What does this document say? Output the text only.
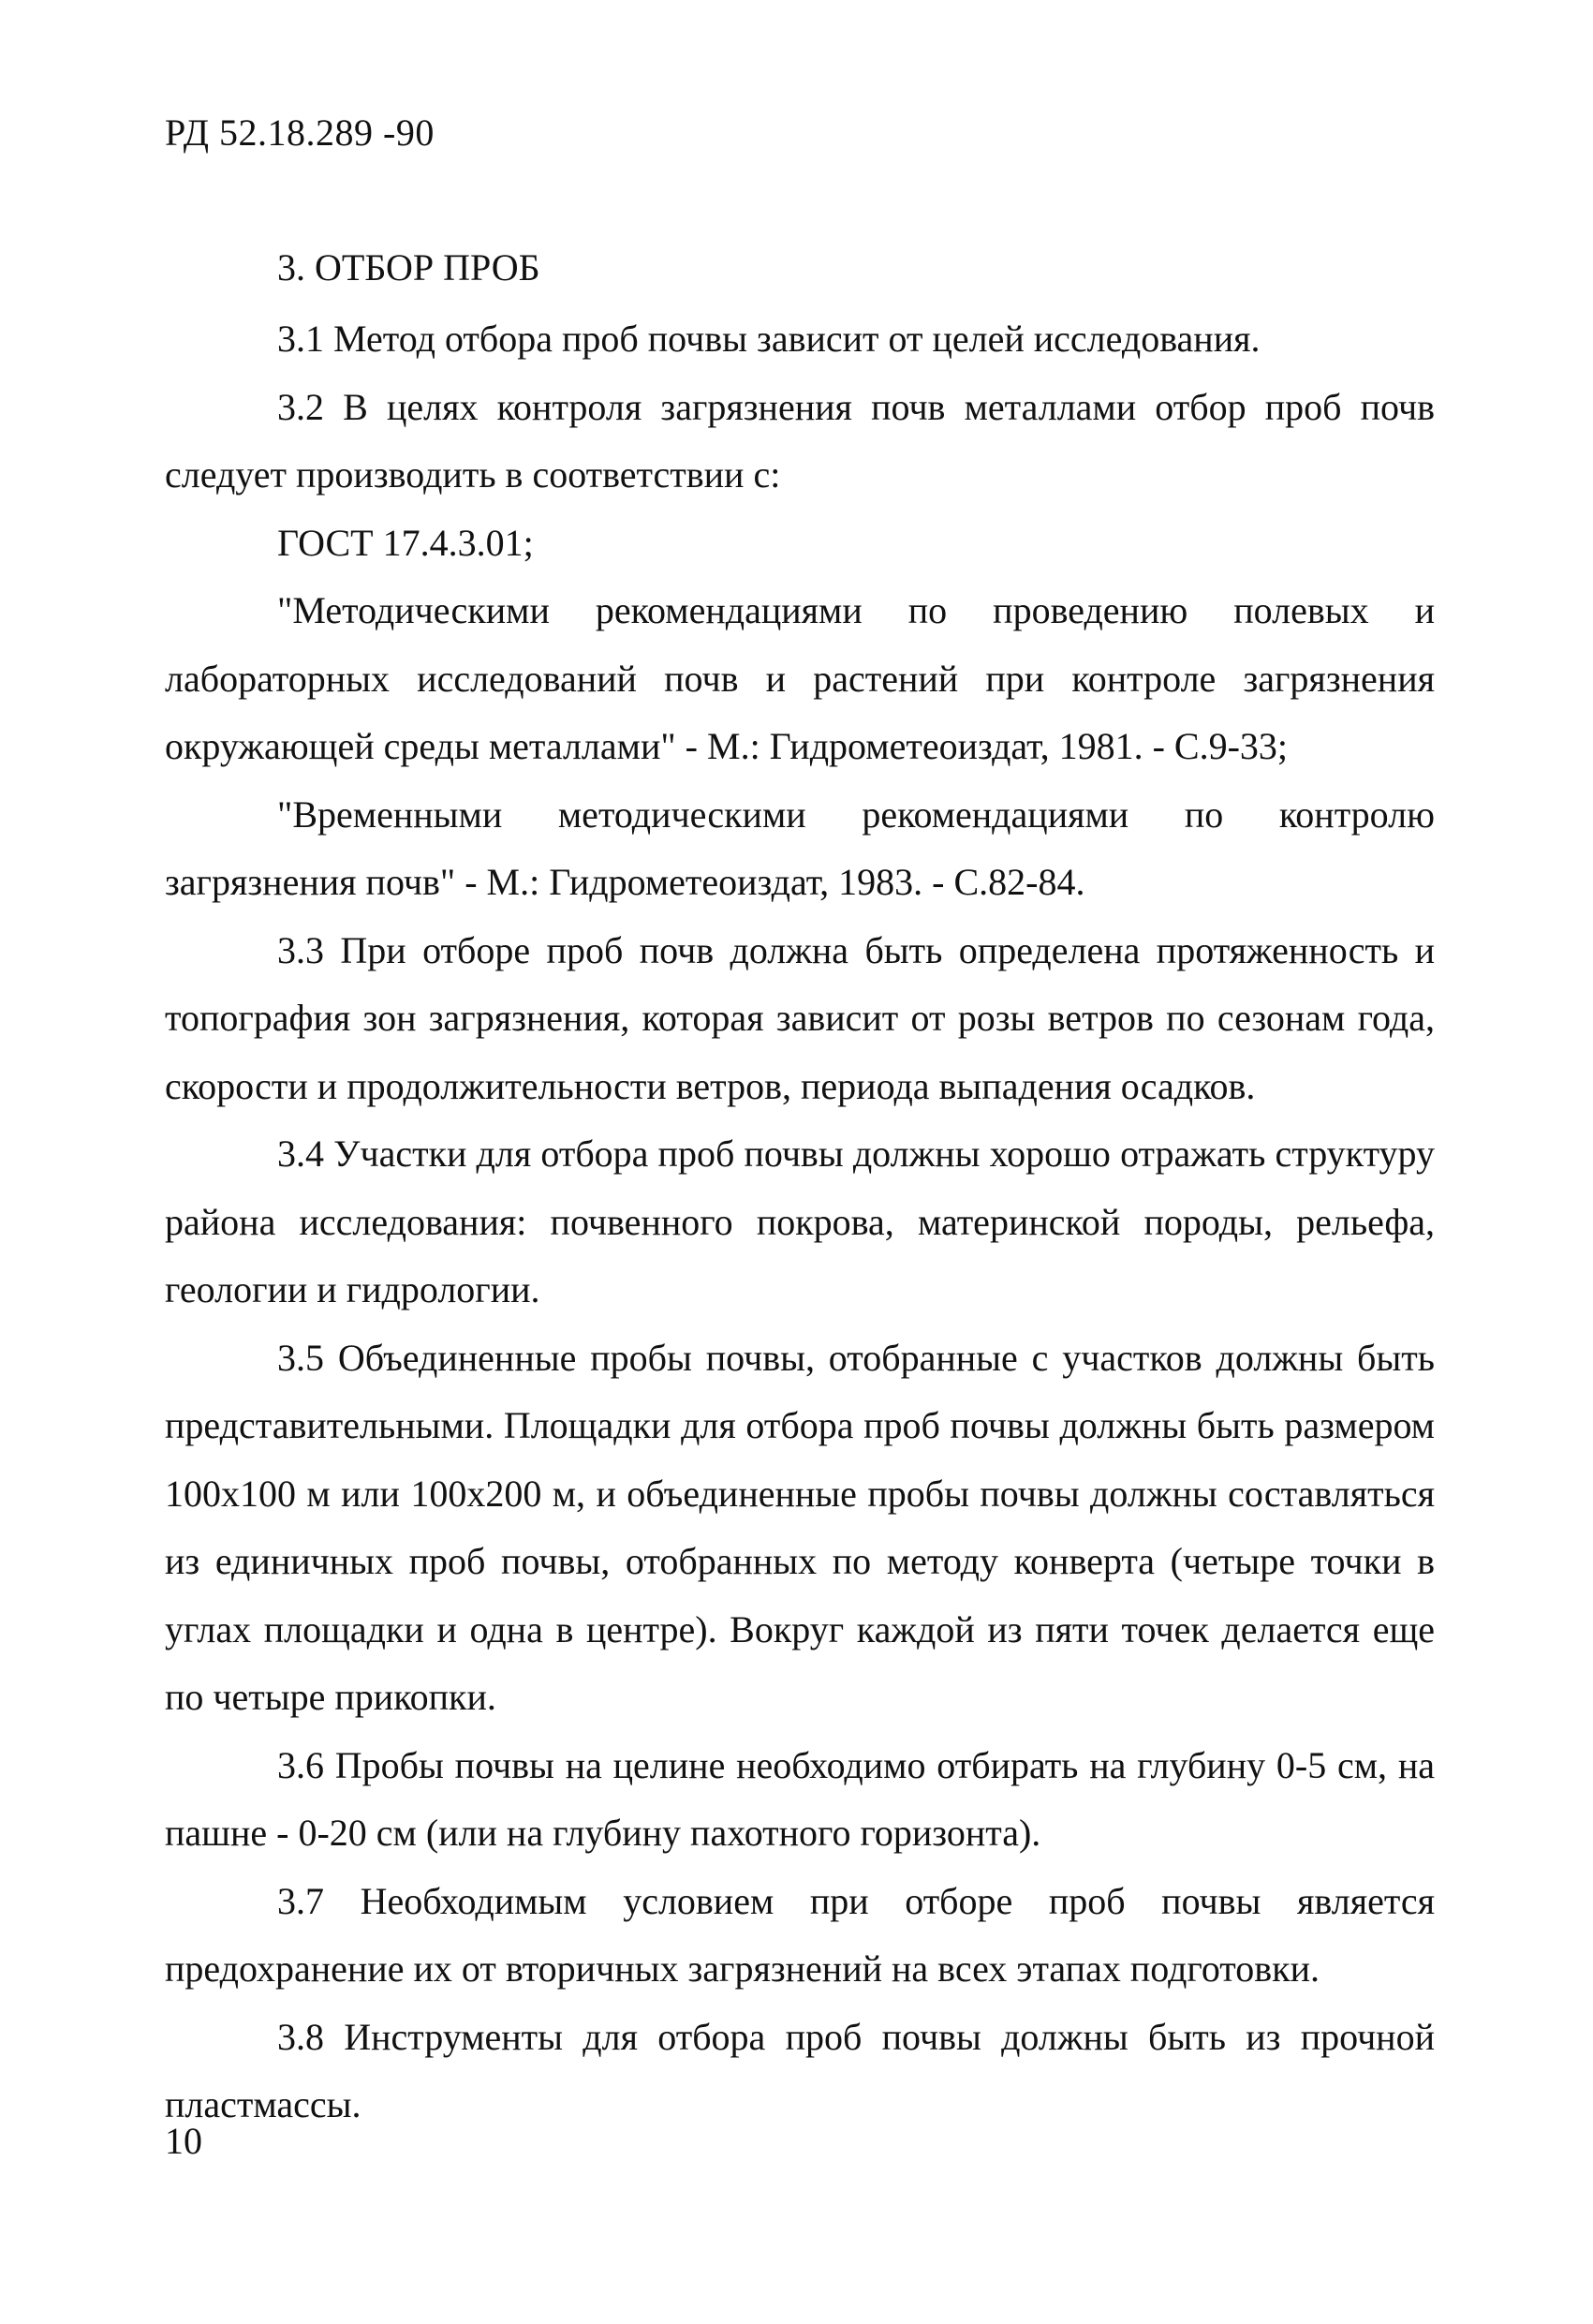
РД 52.18.289 -90
3. ОТБОР ПРОБ

3.1 Метод отбора проб почвы зависит от целей исследования.

3.2 В целях контроля загрязнения почв металлами отбор проб почв следует производить в соответствии с:

ГОСТ 17.4.3.01;

"Методическими рекомендациями по проведению полевых и лабораторных исследований почв и растений при контроле загрязнения окружающей среды металлами" - М.: Гидрометеоиздат, 1981. - С.9-33;

"Временными методическими рекомендациями по контролю загрязнения почв" - М.: Гидрометеоиздат, 1983. - С.82-84.

3.3 При отборе проб почв должна быть определена протяженность и топография зон загрязнения, которая зависит от розы ветров по сезонам года, скорости и продолжительности ветров, периода выпадения осадков.

3.4 Участки для отбора проб почвы должны хорошо отражать структуру района исследования: почвенного покрова, материнской породы, рельефа, геологии и гидрологии.

3.5 Объединенные пробы почвы, отобранные с участков должны быть представительными. Площадки для отбора проб почвы должны быть размером 100х100 м или 100х200 м, и объединенные пробы почвы должны составляться из единичных проб почвы, отобранных по методу конверта (четыре точки в углах площадки и одна в центре). Вокруг каждой из пяти точек делается еще по четыре прикопки.

3.6 Пробы почвы на целине необходимо отбирать на глубину 0-5 см, на пашне - 0-20 см (или на глубину пахотного горизонта).

3.7 Необходимым условием при отборе проб почвы является предохранение их от вторичных загрязнений на всех этапах подготовки.

3.8 Инструменты для отбора проб почвы должны быть из прочной пластмассы.

10
